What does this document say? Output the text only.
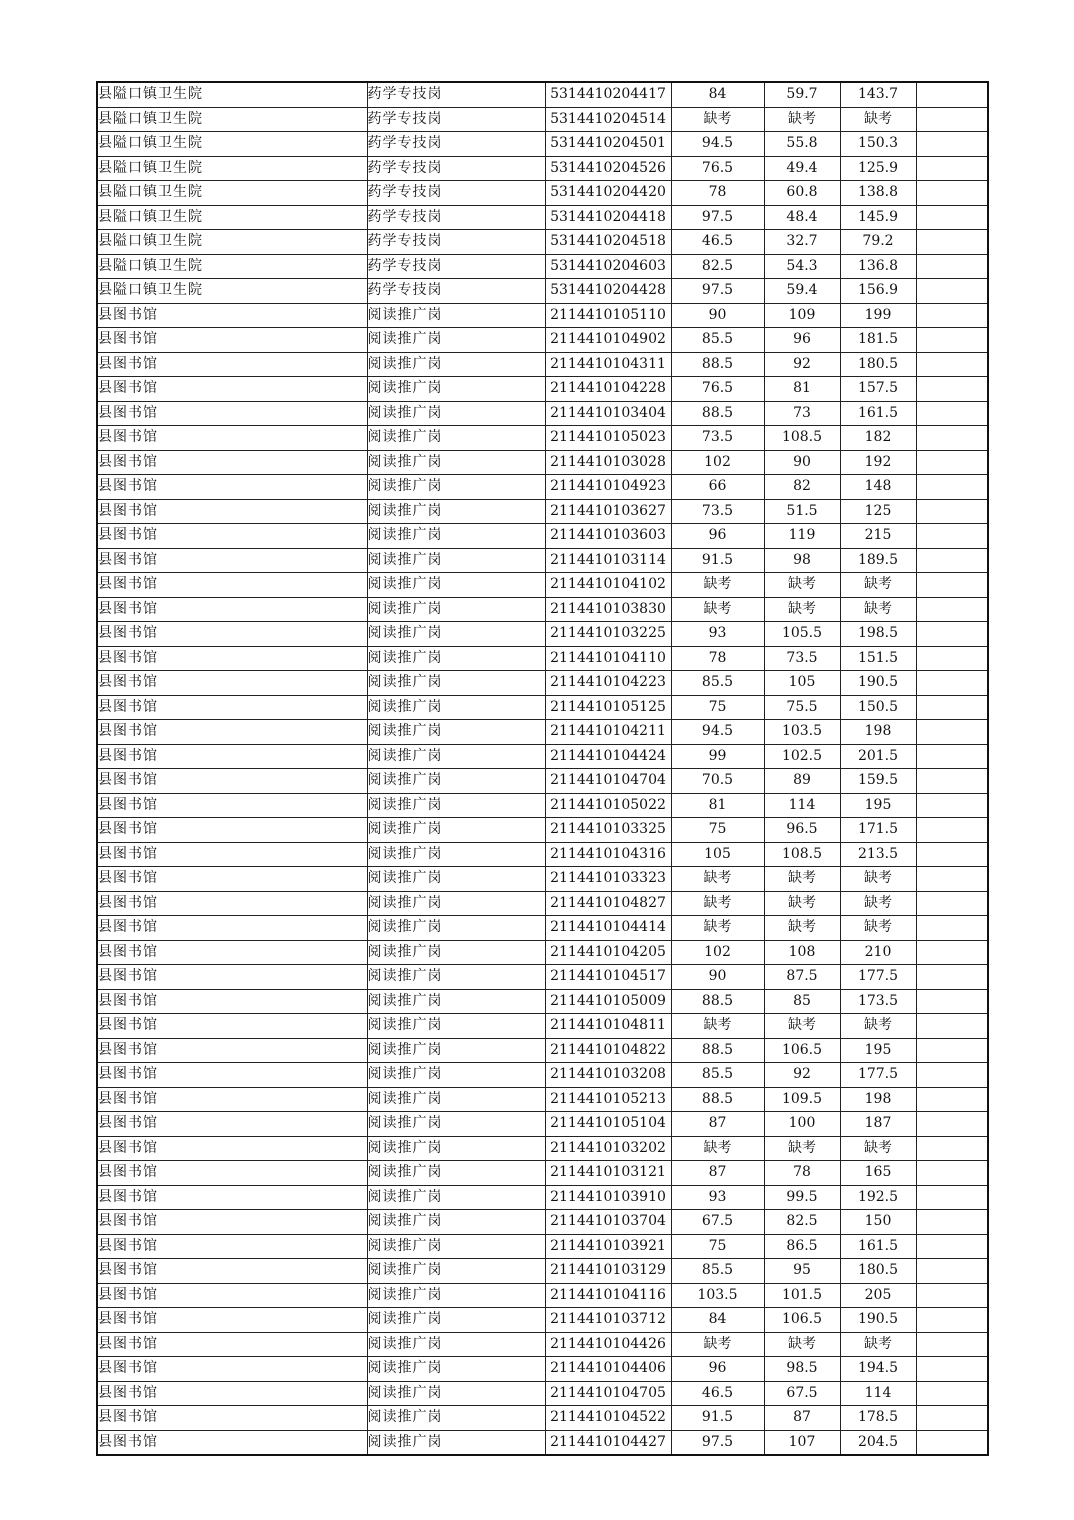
县隘口镇卫生院	药学专技岗	5314410204417	84	59.7	143.7	
县隘口镇卫生院	药学专技岗	5314410204514	缺考	缺考	缺考	
县隘口镇卫生院	药学专技岗	5314410204501	94.5	55.8	150.3	
县隘口镇卫生院	药学专技岗	5314410204526	76.5	49.4	125.9	
县隘口镇卫生院	药学专技岗	5314410204420	78	60.8	138.8	
县隘口镇卫生院	药学专技岗	5314410204418	97.5	48.4	145.9	
县隘口镇卫生院	药学专技岗	5314410204518	46.5	32.7	79.2	
县隘口镇卫生院	药学专技岗	5314410204603	82.5	54.3	136.8	
县隘口镇卫生院	药学专技岗	5314410204428	97.5	59.4	156.9	
县图书馆	阅读推广岗	2114410105110	90	109	199	
县图书馆	阅读推广岗	2114410104902	85.5	96	181.5	
县图书馆	阅读推广岗	2114410104311	88.5	92	180.5	
县图书馆	阅读推广岗	2114410104228	76.5	81	157.5	
县图书馆	阅读推广岗	2114410103404	88.5	73	161.5	
县图书馆	阅读推广岗	2114410105023	73.5	108.5	182	
县图书馆	阅读推广岗	2114410103028	102	90	192	
县图书馆	阅读推广岗	2114410104923	66	82	148	
县图书馆	阅读推广岗	2114410103627	73.5	51.5	125	
县图书馆	阅读推广岗	2114410103603	96	119	215	
县图书馆	阅读推广岗	2114410103114	91.5	98	189.5	
县图书馆	阅读推广岗	2114410104102	缺考	缺考	缺考	
县图书馆	阅读推广岗	2114410103830	缺考	缺考	缺考	
县图书馆	阅读推广岗	2114410103225	93	105.5	198.5	
县图书馆	阅读推广岗	2114410104110	78	73.5	151.5	
县图书馆	阅读推广岗	2114410104223	85.5	105	190.5	
县图书馆	阅读推广岗	2114410105125	75	75.5	150.5	
县图书馆	阅读推广岗	2114410104211	94.5	103.5	198	
县图书馆	阅读推广岗	2114410104424	99	102.5	201.5	
县图书馆	阅读推广岗	2114410104704	70.5	89	159.5	
县图书馆	阅读推广岗	2114410105022	81	114	195	
县图书馆	阅读推广岗	2114410103325	75	96.5	171.5	
县图书馆	阅读推广岗	2114410104316	105	108.5	213.5	
县图书馆	阅读推广岗	2114410103323	缺考	缺考	缺考	
县图书馆	阅读推广岗	2114410104827	缺考	缺考	缺考	
县图书馆	阅读推广岗	2114410104414	缺考	缺考	缺考	
县图书馆	阅读推广岗	2114410104205	102	108	210	
县图书馆	阅读推广岗	2114410104517	90	87.5	177.5	
县图书馆	阅读推广岗	2114410105009	88.5	85	173.5	
县图书馆	阅读推广岗	2114410104811	缺考	缺考	缺考	
县图书馆	阅读推广岗	2114410104822	88.5	106.5	195	
县图书馆	阅读推广岗	2114410103208	85.5	92	177.5	
县图书馆	阅读推广岗	2114410105213	88.5	109.5	198	
县图书馆	阅读推广岗	2114410105104	87	100	187	
县图书馆	阅读推广岗	2114410103202	缺考	缺考	缺考	
县图书馆	阅读推广岗	2114410103121	87	78	165	
县图书馆	阅读推广岗	2114410103910	93	99.5	192.5	
县图书馆	阅读推广岗	2114410103704	67.5	82.5	150	
县图书馆	阅读推广岗	2114410103921	75	86.5	161.5	
县图书馆	阅读推广岗	2114410103129	85.5	95	180.5	
县图书馆	阅读推广岗	2114410104116	103.5	101.5	205	
县图书馆	阅读推广岗	2114410103712	84	106.5	190.5	
县图书馆	阅读推广岗	2114410104426	缺考	缺考	缺考	
县图书馆	阅读推广岗	2114410104406	96	98.5	194.5	
县图书馆	阅读推广岗	2114410104705	46.5	67.5	114	
县图书馆	阅读推广岗	2114410104522	91.5	87	178.5	
县图书馆	阅读推广岗	2114410104427	97.5	107	204.5	
